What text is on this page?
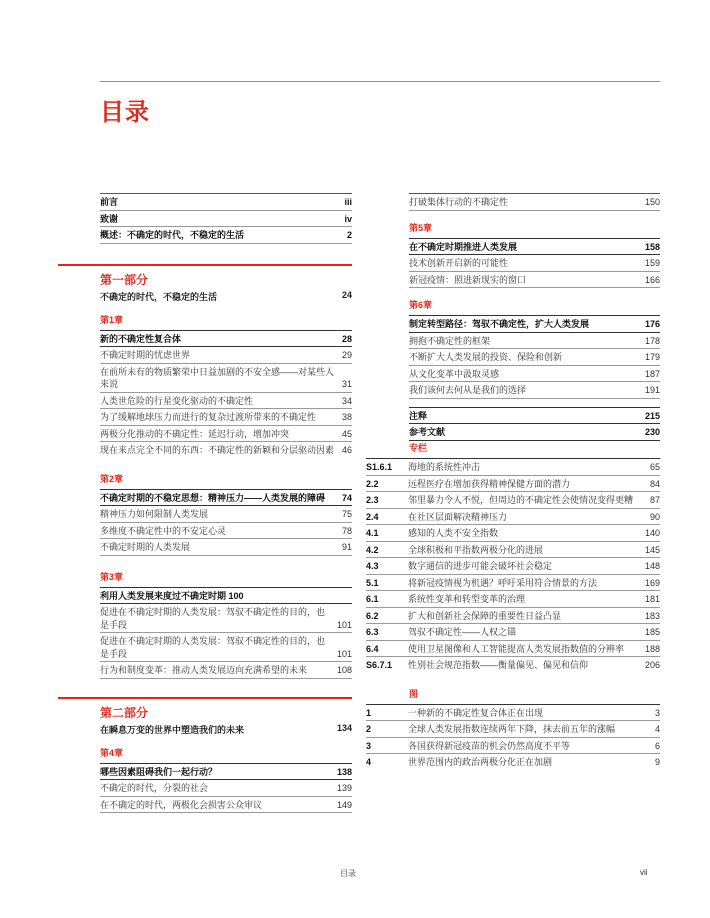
目录
前言	iii
致谢	iv
概述：不确定的时代，不稳定的生活	2
第一部分
不确定的时代，不稳定的生活	24
第1章
新的不确定性复合体	28
不确定时期的忧虑世界	29
在前所未有的物质繁荣中日益加剧的不安全感——对某些人来说	31
人类世危险的行星变化驱动的不确定性	34
为了缓解地球压力而进行的复杂过渡所带来的不确定性	38
两极分化推动的不确定性：延迟行动，增加冲突	45
现在来点完全不同的东西：不确定性的新颖和分层驱动因素 46
第2章
不确定时期的不稳定思想：精神压力——人类发展的障碍	74
精神压力如何限制人类发展	75
多维度不确定性中的不安定心灵	78
不确定时期的人类发展	91
第3章
利用人类发展来度过不确定时期 100
促进在不确定时期的人类发展：驾驭不确定性的目的，也是手段	101
促进在不确定时期的人类发展：驾驭不确定性的目的，也是手段	101
行为和制度变革：推动人类发展迈向充满希望的未来	108
第二部分
在瞬息万变的世界中塑造我们的未来	134
第4章
哪些因素阻碍我们一起行动？	138
不确定的时代，分裂的社会	139
在不确定的时代，两极化会损害公众审议	149
打破集体行动的不确定性	150
第5章
在不确定时期推进人类发展	158
技术创新开启新的可能性	159
新冠疫情：照进新现实的窗口	166
第6章
制定转型路径：驾驭不确定性，扩大人类发展	176
拥抱不确定性的框架	178
不断扩大人类发展的投资、保险和创新	179
从文化变革中汲取灵感	187
我们该何去何从是我们的选择	191
注释	215
参考文献	230
专栏
S1.6.1	海地的系统性冲击	65
2.2	远程医疗在增加获得精神保健方面的潜力	84
2.3	邻里暴力令人不悦，但周边的不确定性会使情况变得更糟	87
2.4	在社区层面解决精神压力	90
4.1	感知的人类不安全指数	140
4.2	全球积极和平指数两极分化的进展	145
4.3	数字通信的进步可能会破坏社会稳定	148
5.1	将新冠疫情视为机遇？呼吁采用符合情景的方法	169
6.1	系统性变革和转型变革的治理	181
6.2	扩大和创新社会保障的重要性日益凸显	183
6.3	驾驭不确定性——人权之锚	185
6.4	使用卫星图像和人工智能提高人类发展指数值的分辨率	188
S6.7.1	性别社会规范指数——衡量偏见、偏见和信仰	206
图
1	一种新的不确定性复合体正在出现	3
2	全球人类发展指数连续两年下降，抹去前五年的涨幅	4
3	各国获得新冠疫苗的机会仍然高度不平等	6
4	世界范围内的政治两极分化正在加剧	9
目录	vii
